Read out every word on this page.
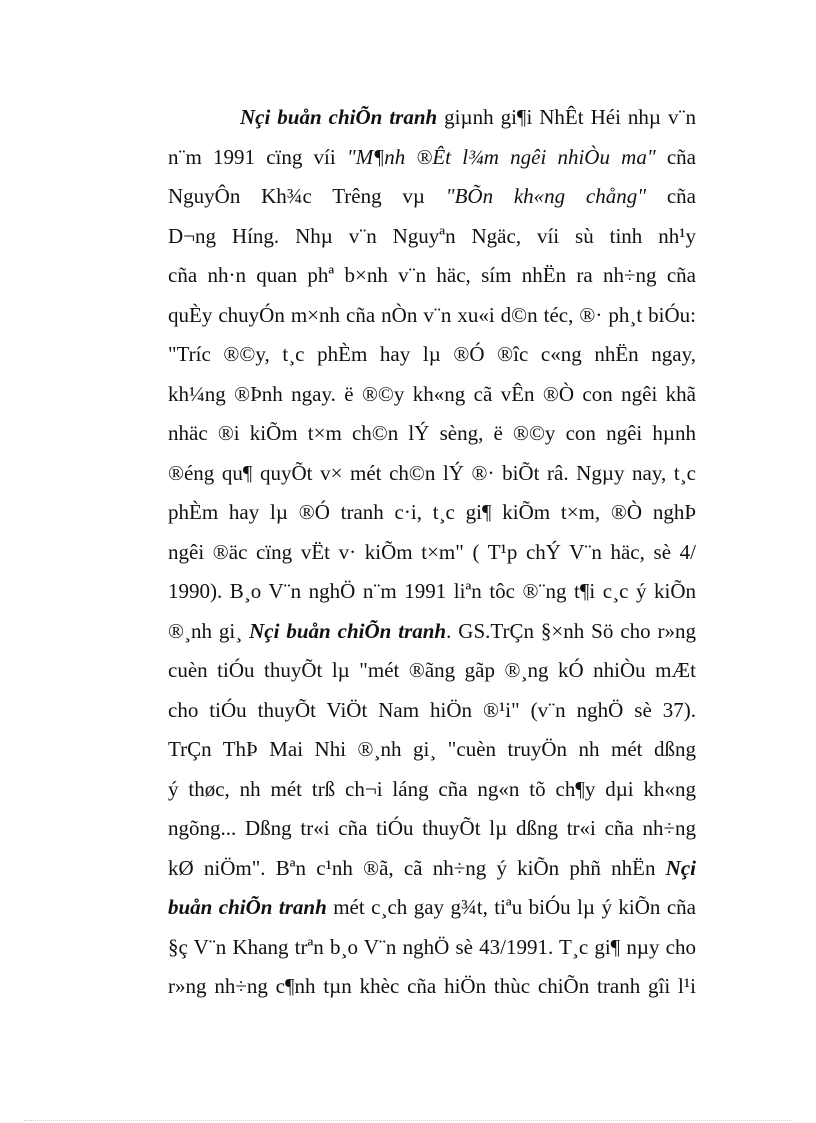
Nçi buån chiÕn tranh giµnh gi¶i NhÊt Héi nhµ v¨n
n¨m 1991 cïng víi "M¶nh ®Êt l¾m ngêi nhiÒu ma" cña
NguyÔn Kh¾c Trêng vµ "BÕn kh«ng chång" cña
D¬ng Híng. Nhµ v¨n Nguyªn Ngäc, víi sù tinh nh¹y
cña nh·n quan phª b×nh v¨n häc, sím nhËn ra nh÷ng cña
quÈy chuyÓn m×nh cña nÒn v¨n xu«i d©n téc, ®· ph¸t biÓu:
"Tríc ®©y, t¸c phÈm hay lµ ®Ó ®îc c«ng nhËn ngay,
kh¼ng ®Þnh ngay. ë ®©y kh«ng cã vÊn ®Ò con ngêi khã
nhäc ®i kiÕm t×m ch©n lÝ sèng, ë ®©y con ngêi hµnh
®éng qu¶ quyÕt v× mét ch©n lÝ ®· biÕt râ. Ngµy nay, t¸c
phÈm hay lµ ®Ó tranh c·i, t¸c gi¶ kiÕm t×m, ®Ò nghÞ
ngêi ®äc cïng vËt v· kiÕm t×m" ( T¹p chÝ V¨n häc, sè 4/
1990). B¸o V¨n nghÖ n¨m 1991 liªn tôc ®¨ng t¶i c¸c ý kiÕn
®¸nh gi¸ Nçi buån chiÕn tranh. GS.TrÇn §×nh Sö cho r»ng
cuèn tiÓu thuyÕt lµ "mét ®ãng gãp ®¸ng kÓ nhiÒu mÆt
cho tiÓu thuyÕt ViÖt Nam hiÖn ®¹i" (v¨n nghÖ sè 37).
TrÇn ThÞ Mai Nhi ®¸nh gi¸ "cuèn truyÖn nh mét dßng
ý thøc, nh mét trß ch¬i láng cña ng«n tõ ch¶y dµi kh«ng
ngõng... Dßng tr«i cña tiÓu thuyÕt lµ dßng tr«i cña nh÷ng
kØ niÖm". Bªn c¹nh ®ã, cã nh÷ng ý kiÕn phñ nhËn Nçi
buån chiÕn tranh mét c¸ch gay g¾t, tiªu biÓu lµ ý kiÕn cña
§ç V¨n Khang trªn b¸o V¨n nghÖ sè 43/1991. T¸c gi¶ nµy cho
r»ng nh÷ng c¶nh tµn khèc cña hiÖn thùc chiÕn tranh gîi l¹i
